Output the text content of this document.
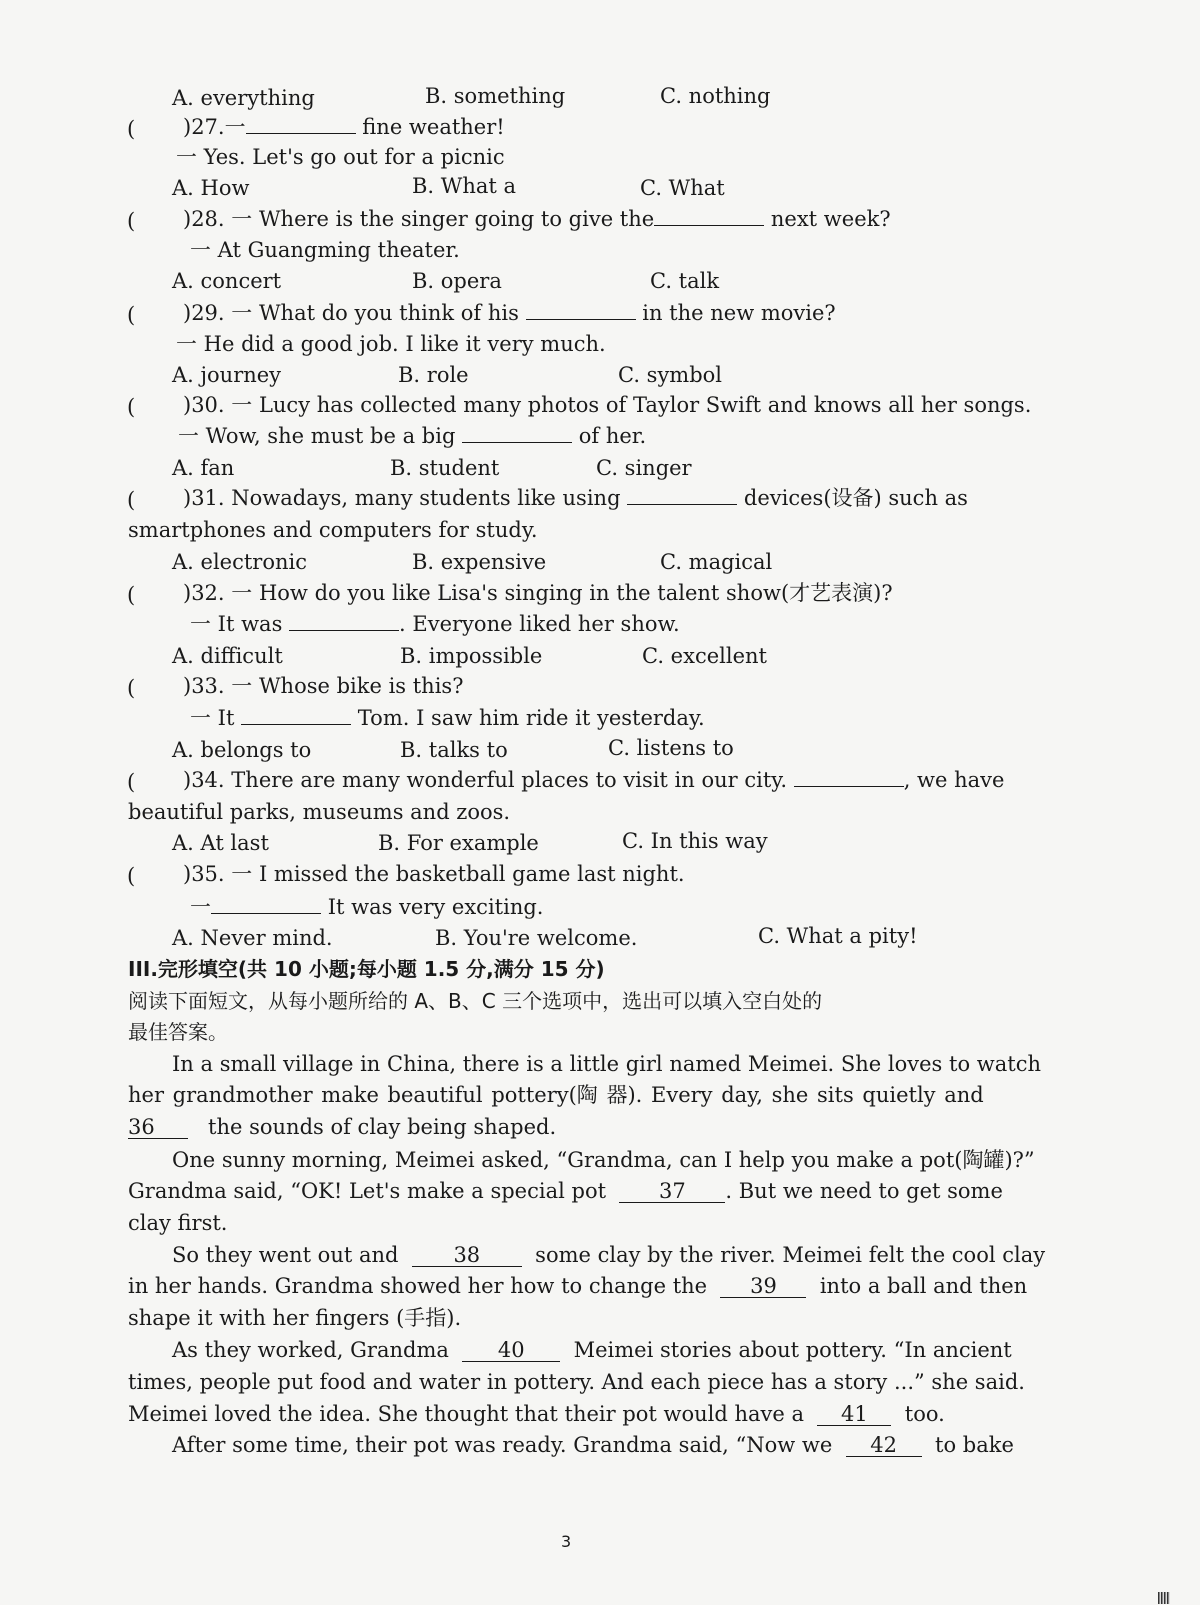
A. everything	B. something	C. nothing
( )27.一	fine weather!
一 Yes. Let's go out for a picnic
A. How	B. What a	C. What
( )28. 一 Where is the singer going to give the	next week?
一 At Guangming theater.
A. concert	B. opera	C. talk
( )29. 一 What do you think of his	in the new movie?
一 He did a good job. I like it very much.
A. journey	B. role	C. symbol
( )30. 一 Lucy has collected many photos of Taylor Swift and knows all her songs.
一 Wow, she must be a big	of her.
A. fan	B. student	C. singer
( )31. Nowadays, many students like using	devices(设备) such as
smartphones and computers for study.
A. electronic	B. expensive	C. magical
( )32. 一 How do you like Lisa's singing in the talent show(才艺表演)?
一 It was	. Everyone liked her show.
A. difficult	B. impossible	C. excellent
( )33. 一 Whose bike is this?
一 It	Tom. I saw him ride it yesterday.
A. belongs to	B. talks to	C. listens to
( )34. There are many wonderful places to visit in our city.	, we have
beautiful parks, museums and zoos.
A. At last	B. For example	C. In this way
( )35. 一 I missed the basketball game last night.
一	It was very exciting.
A. Never mind.	B. You're welcome.	C. What a pity!
III.完形填空(共 10 小题;每小题 1.5 分,满分 15 分)
阅读下面短文，从每小题所给的 A、B、C 三个选项中，选出可以填入空白处的
最佳答案。
In a small village in China, there is a little girl named Meimei. She loves to watch
her grandmother make beautiful pottery(陶 器). Every day, she sits quietly and
36	the sounds of clay being shaped.
One sunny morning, Meimei asked, “Grandma, can I help you make a pot(陶罐)?”
Grandma said, “OK! Let's make a special pot	37 . But we need to get some
clay first.
So they went out and	38	some clay by the river. Meimei felt the cool clay
in her hands. Grandma showed her how to change the 39 into a ball and then
shape it with her fingers (手指).
As they worked, Grandma 40 Meimei stories about pottery. “In ancient
times, people put food and water in pottery. And each piece has a story ...” she said.
Meimei loved the idea. She thought that their pot would have a 41 too.
After some time, their pot was ready. Grandma said, “Now we 42 to bake
3
